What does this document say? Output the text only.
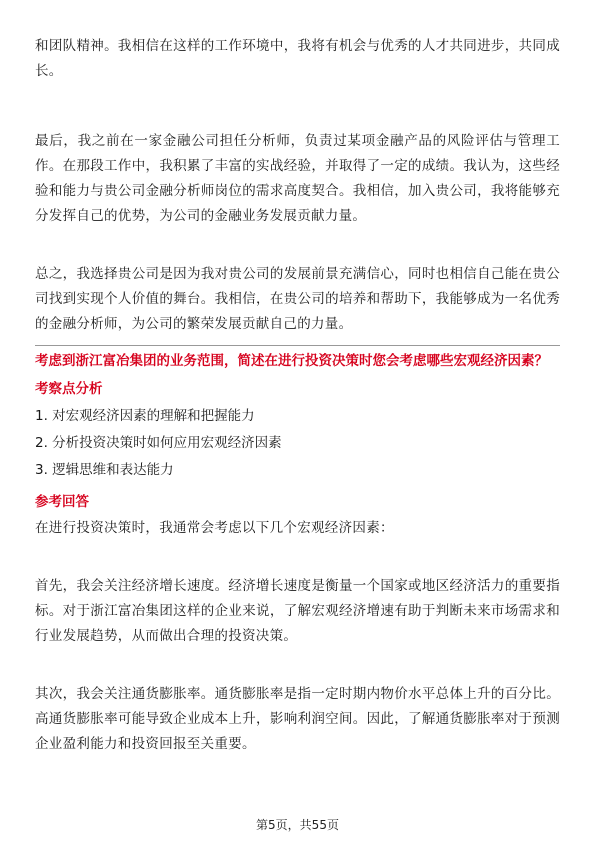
和团队精神。我相信在这样的工作环境中，我将有机会与优秀的人才共同进步，共同成长。

最后，我之前在一家金融公司担任分析师，负责过某项金融产品的风险评估与管理工作。在那段工作中，我积累了丰富的实战经验，并取得了一定的成绩。我认为，这些经验和能力与贵公司金融分析师岗位的需求高度契合。我相信，加入贵公司，我将能够充分发挥自己的优势，为公司的金融业务发展贡献力量。

总之，我选择贵公司是因为我对贵公司的发展前景充满信心，同时也相信自己能在贵公司找到实现个人价值的舞台。我相信，在贵公司的培养和帮助下，我能够成为一名优秀的金融分析师，为公司的繁荣发展贡献自己的力量。

考虑到浙江富冶集团的业务范围，简述在进行投资决策时您会考虑哪些宏观经济因素？

考察点分析

1. 对宏观经济因素的理解和把握能力

2. 分析投资决策时如何应用宏观经济因素

3. 逻辑思维和表达能力

参考回答

在进行投资决策时，我通常会考虑以下几个宏观经济因素：

首先，我会关注经济增长速度。经济增长速度是衡量一个国家或地区经济活力的重要指标。对于浙江富冶集团这样的企业来说，了解宏观经济增速有助于判断未来市场需求和行业发展趋势，从而做出合理的投资决策。

其次，我会关注通货膨胀率。通货膨胀率是指一定时期内物价水平总体上升的百分比。高通货膨胀率可能导致企业成本上升，影响利润空间。因此，了解通货膨胀率对于预测企业盈利能力和投资回报至关重要。

第5页，共55页
